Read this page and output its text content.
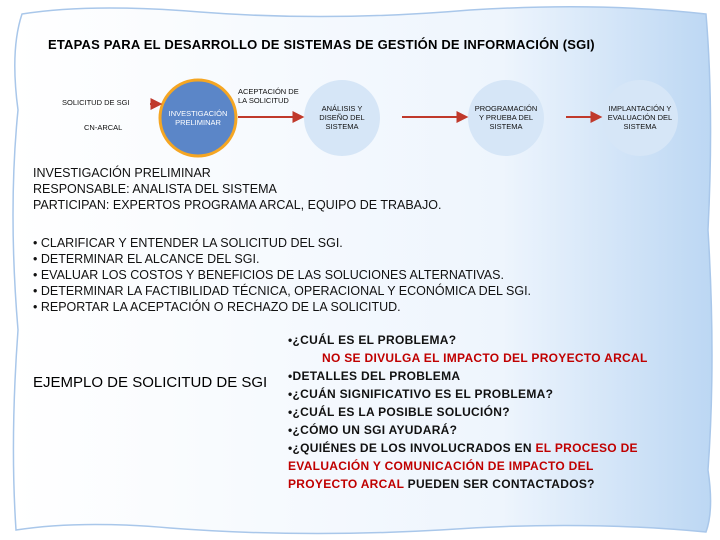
ETAPAS PARA EL DESARROLLO DE SISTEMAS DE GESTIÓN DE INFORMACIÓN (SGI)
SOLICITUD DE SGI
CN-ARCAL
ACEPTACIÓN DE
LA SOLICITUD
INVESTIGACIÓN
PRELIMINAR
ANÁLISIS Y
DISEÑO DEL
SISTEMA
PROGRAMACIÓN
Y PRUEBA DEL
SISTEMA
IMPLANTACIÓN Y
EVALUACIÓN DEL
SISTEMA
INVESTIGACIÓN PRELIMINAR
RESPONSABLE: ANALISTA DEL SISTEMA
PARTICIPAN: EXPERTOS PROGRAMA ARCAL, EQUIPO DE TRABAJO.
• CLARIFICAR Y ENTENDER LA SOLICITUD DEL SGI.
• DETERMINAR EL ALCANCE DEL SGI.
• EVALUAR LOS COSTOS Y BENEFICIOS DE LAS SOLUCIONES ALTERNATIVAS.
• DETERMINAR LA FACTIBILIDAD TÉCNICA, OPERACIONAL Y ECONÓMICA DEL SGI.
• REPORTAR LA ACEPTACIÓN O RECHAZO DE LA SOLICITUD.
EJEMPLO DE SOLICITUD DE SGI
•¿CUÁL ES EL PROBLEMA?
NO SE DIVULGA EL IMPACTO DEL PROYECTO ARCAL
•DETALLES DEL PROBLEMA
•¿CUÁN SIGNIFICATIVO ES EL PROBLEMA?
•¿CUÁL ES LA POSIBLE SOLUCIÓN?
•¿CÓMO UN SGI AYUDARÁ?
•¿QUIÉNES DE LOS INVOLUCRADOS EN EL PROCESO DE
EVALUACIÓN Y COMUNICACIÓN DE IMPACTO DEL
PROYECTO ARCAL PUEDEN SER CONTACTADOS?
